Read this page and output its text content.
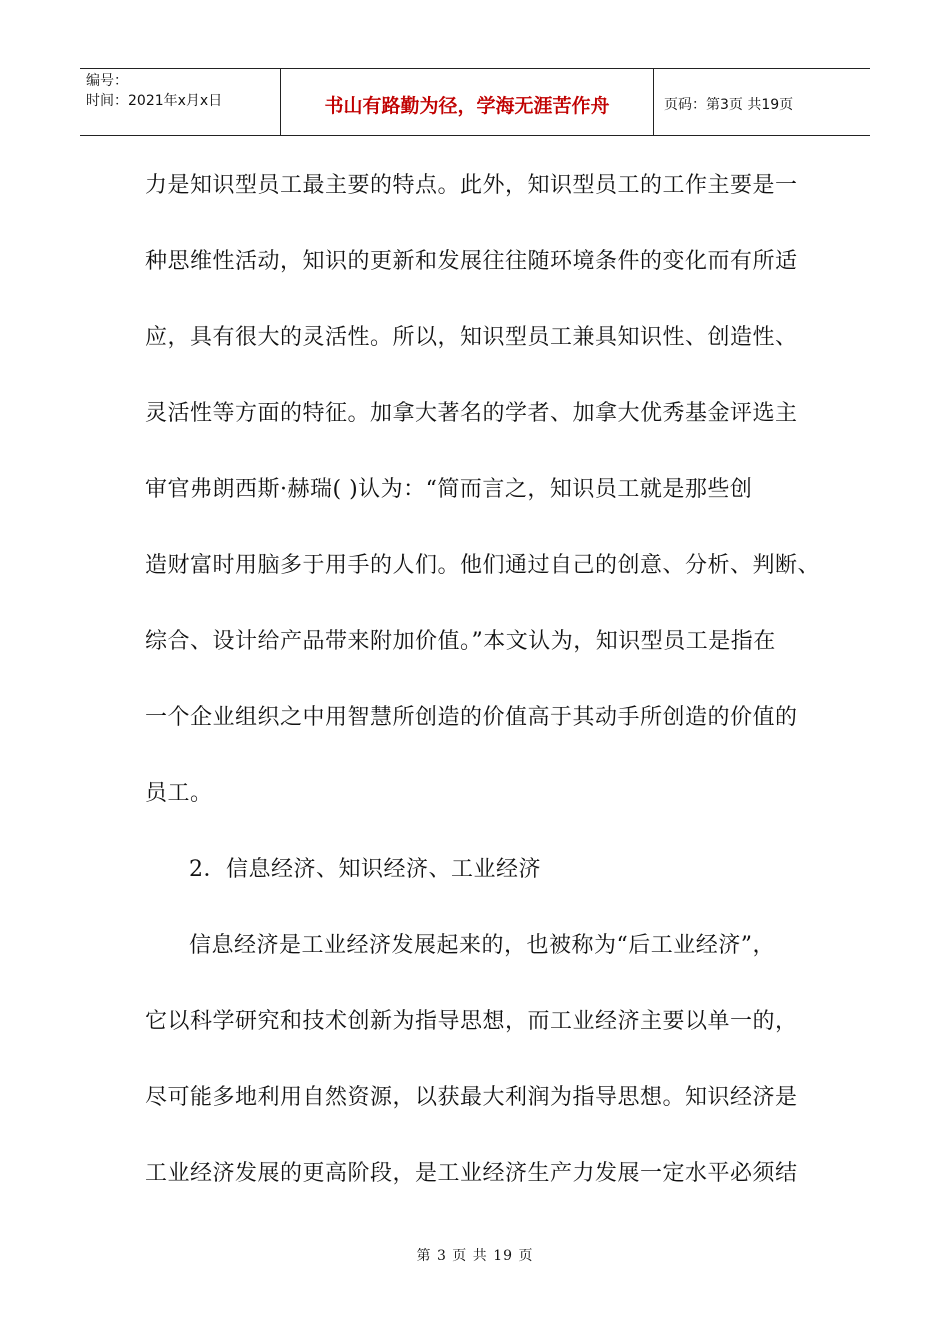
编号：
时间：2021年x月x日	书山有路勤为径，学海无涯苦作舟	页码：第3页 共19页
力是知识型员工最主要的特点。此外，知识型员工的工作主要是一
种思维性活动，知识的更新和发展往往随环境条件的变化而有所适
应，具有很大的灵活性。所以，知识型员工兼具知识性、创造性、
灵活性等方面的特征。加拿大著名的学者、加拿大优秀基金评选主
审官弗朗西斯·赫瑞( )认为：“简而言之，知识员工就是那些创
造财富时用脑多于用手的人们。他们通过自己的创意、分析、判断、
综合、设计给产品带来附加价值。”本文认为，知识型员工是指在
一个企业组织之中用智慧所创造的价值高于其动手所创造的价值的
员工。
2．信息经济、知识经济、工业经济
信息经济是工业经济发展起来的，也被称为“后工业经济”，
它以科学研究和技术创新为指导思想，而工业经济主要以单一的，
尽可能多地利用自然资源，以获最大利润为指导思想。知识经济是
工业经济发展的更高阶段，是工业经济生产力发展一定水平必须结
第 3 页 共 19 页
